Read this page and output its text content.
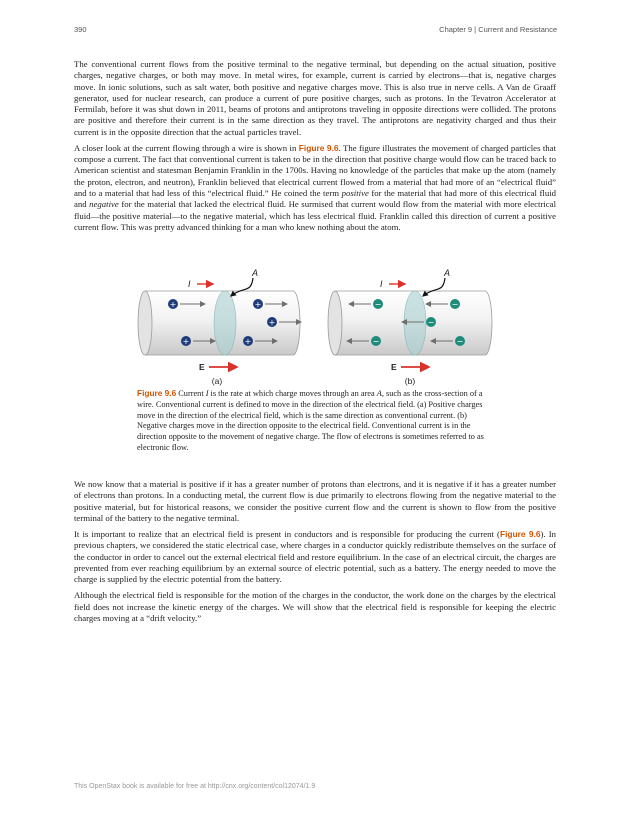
390	Chapter 9 | Current and Resistance

The conventional current flows from the positive terminal to the negative terminal, but depending on the actual situation, positive charges, negative charges, or both may move. In metal wires, for example, current is carried by electrons—that is, negative charges move. In ionic solutions, such as salt water, both positive and negative charges move. This is also true in nerve cells. A Van de Graaff generator, used for nuclear research, can produce a current of pure positive charges, such as protons. In the Tevatron Accelerator at Fermilab, before it was shut down in 2011, beams of protons and antiprotons traveling in opposite directions were collided. The protons are positive and therefore their current is in the same direction as they travel. The antiprotons are negativity charged and thus their current is in the opposite direction that the actual particles travel.

A closer look at the current flowing through a wire is shown in Figure 9.6. The figure illustrates the movement of charged particles that compose a current. The fact that conventional current is taken to be in the direction that positive charge would flow can be traced back to American scientist and statesman Benjamin Franklin in the 1700s. Having no knowledge of the particles that make up the atom (namely the proton, electron, and neutron), Franklin believed that electrical current flowed from a material that had more of an “electrical fluid” and to a material that had less of this “electrical fluid.” He coined the term positive for the material that had more of this electrical fluid and negative for the material that lacked the electrical fluid. He surmised that current would flow from the material with more electrical fluid—the positive material—to the negative material, which has less electrical fluid. Franklin called this direction of current a positive current flow. This was pretty advanced thinking for a man who knew nothing about the atom.

+	+
+
+	+
I
A
E
(a)
−	−
−
−	−
I
A
E
(b)
Figure 9.6 Current I is the rate at which charge moves through an area A, such as the cross-section of a wire. Conventional current is defined to move in the direction of the electrical field. (a) Positive charges move in the direction of the electrical field, which is the same direction as conventional current. (b) Negative charges move in the direction opposite to the electrical field. Conventional current is in the direction opposite to the movement of negative charge. The flow of electrons is sometimes referred to as electronic flow.

We now know that a material is positive if it has a greater number of protons than electrons, and it is negative if it has a greater number of electrons than protons. In a conducting metal, the current flow is due primarily to electrons flowing from the negative material to the positive material, but for historical reasons, we consider the positive current flow and the current is shown to flow from the positive terminal of the battery to the negative terminal.

It is important to realize that an electrical field is present in conductors and is responsible for producing the current (Figure 9.6). In previous chapters, we considered the static electrical case, where charges in a conductor quickly redistribute themselves on the surface of the conductor in order to cancel out the external electrical field and restore equilibrium. In the case of an electrical circuit, the charges are prevented from ever reaching equilibrium by an external source of electric potential, such as a battery. The energy needed to move the charge is supplied by the electric potential from the battery.

Although the electrical field is responsible for the motion of the charges in the conductor, the work done on the charges by the electrical field does not increase the kinetic energy of the charges. We will show that the electrical field is responsible for keeping the electric charges moving at a “drift velocity.”

This OpenStax book is available for free at http://cnx.org/content/col12074/1.9
